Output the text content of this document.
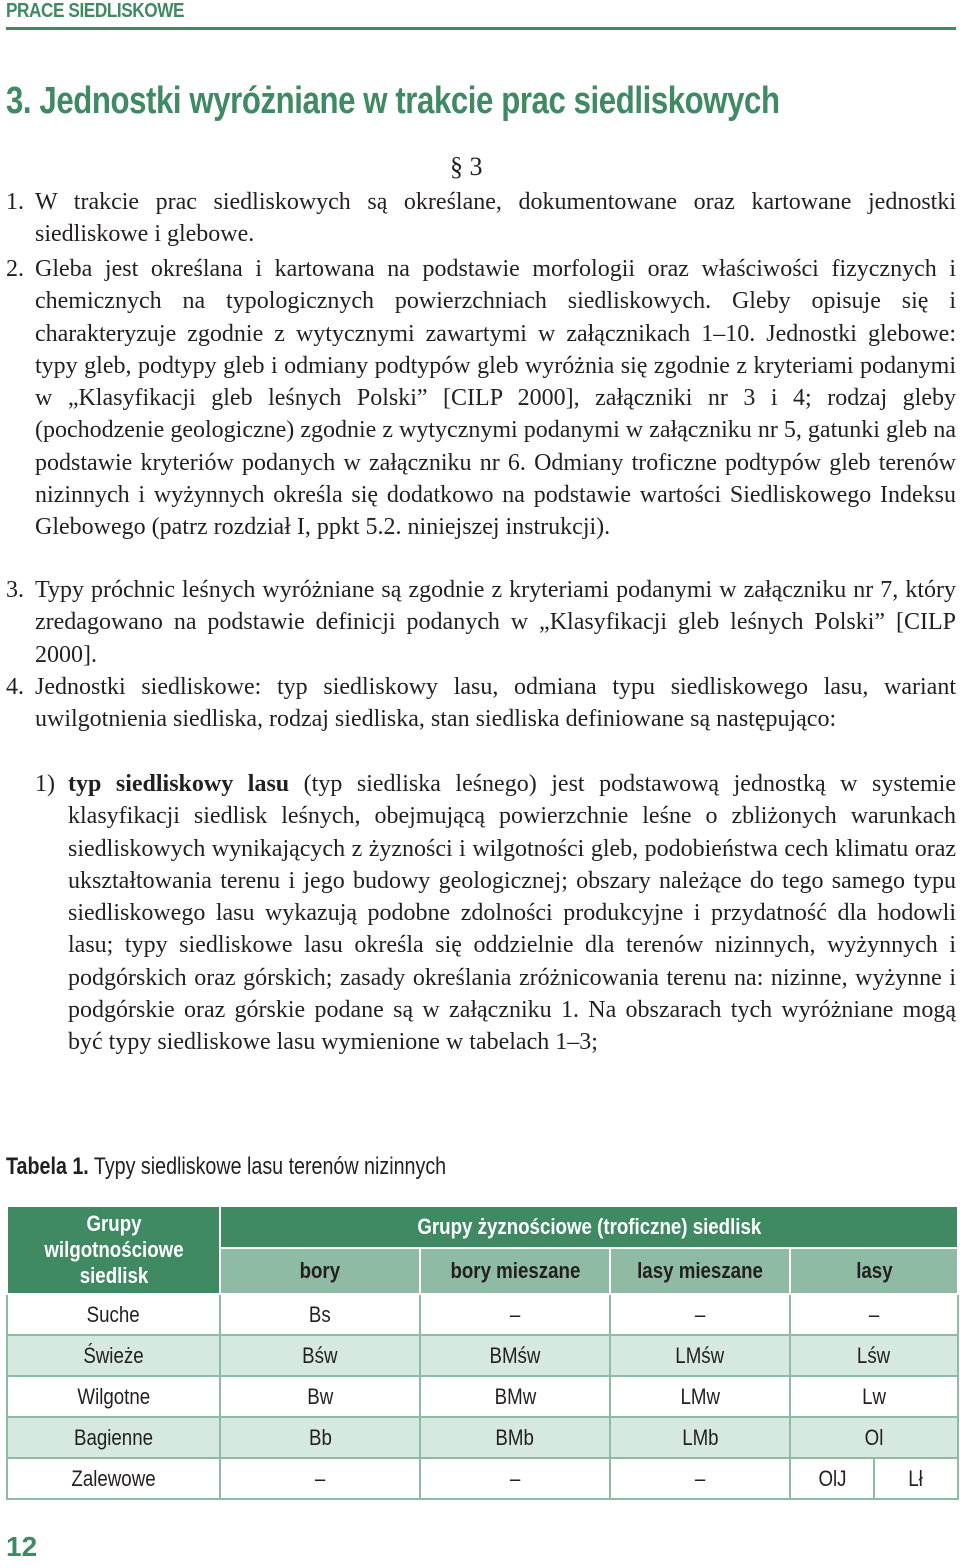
PRACE SIEDLISKOWE
3. Jednostki wyróżniane w trakcie prac siedliskowych
§ 3
1. W trakcie prac siedliskowych są określane, dokumentowane oraz kartowane jednostki siedliskowe i glebowe.
2. Gleba jest określana i kartowana na podstawie morfologii oraz właściwości fizycznych i chemicznych na typologicznych powierzchniach siedliskowych. Gleby opisuje się i charakteryzuje zgodnie z wytycznymi zawartymi w załącznikach 1–10. Jednostki glebowe: typy gleb, podtypy gleb i odmiany podtypów gleb wyróżnia się zgodnie z kryteriami podanymi w „Klasyfikacji gleb leśnych Polski” [CILP 2000], załączniki nr 3 i 4; rodzaj gleby (pochodzenie geologiczne) zgodnie z wytycznymi podanymi w załączniku nr 5, gatunki gleb na podstawie kryteriów podanych w załączniku nr 6. Odmiany troficzne podtypów gleb terenów nizinnych i wyżynnych określa się dodatkowo na podstawie wartości Siedliskowego Indeksu Glebowego (patrz rozdział I, ppkt 5.2. niniejszej instrukcji).
3. Typy próchnic leśnych wyróżniane są zgodnie z kryteriami podanymi w załączniku nr 7, który zredagowano na podstawie definicji podanych w „Klasyfikacji gleb leśnych Polski” [CILP 2000].
4. Jednostki siedliskowe: typ siedliskowy lasu, odmiana typu siedliskowego lasu, wariant uwilgotnienia siedliska, rodzaj siedliska, stan siedliska definiowane są następująco:
1) typ siedliskowy lasu (typ siedliska leśnego) jest podstawową jednostką w systemie klasyfikacji siedlisk leśnych, obejmującą powierzchnie leśne o zbliżonych warunkach siedliskowych wynikających z żyzności i wilgotności gleb, podobieństwa cech klimatu oraz ukształtowania terenu i jego budowy geologicznej; obszary należące do tego samego typu siedliskowego lasu wykazują podobne zdolności produkcyjne i przydatność dla hodowli lasu; typy siedliskowe lasu określa się oddzielnie dla terenów nizinnych, wyżynnych i podgórskich oraz górskich; zasady określania zróżnicowania terenu na: nizinne, wyżynne i podgórskie oraz górskie podane są w załączniku 1. Na obszarach tych wyróżniane mogą być typy siedliskowe lasu wymienione w tabelach 1–3;
Tabela 1. Typy siedliskowe lasu terenów nizinnych
Grupy wilgotnościowe siedlisk	Grupy żyznościowe (troficzne) siedlisk				
	bory	bory mieszane	lasy mieszane	lasy	
Suche	Bs	–	–	–	
Świeże	Bśw	BMśw	LMśw	Lśw	
Wilgotne	Bw	BMw	LMw	Lw	
Bagienne	Bb	BMb	LMb	Ol	
Zalewowe	–	–	–	OlJ	Lł
12
